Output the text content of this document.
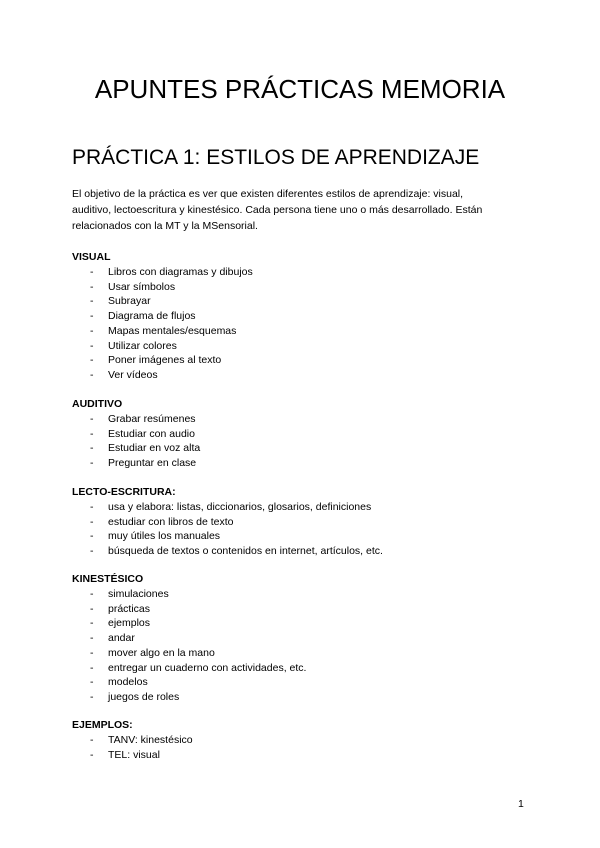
APUNTES PRÁCTICAS MEMORIA
PRÁCTICA 1: ESTILOS DE APRENDIZAJE
El objetivo de la práctica es ver que existen diferentes estilos de aprendizaje: visual,
auditivo, lectoescritura y kinestésico. Cada persona tiene uno o más desarrollado. Están
relacionados con la MT y la MSensorial.
VISUAL
- Libros con diagramas y dibujos
- Usar símbolos
- Subrayar
- Diagrama de flujos
- Mapas mentales/esquemas
- Utilizar colores
- Poner imágenes al texto
- Ver vídeos
AUDITIVO
- Grabar resúmenes
- Estudiar con audio
- Estudiar en voz alta
- Preguntar en clase
LECTO-ESCRITURA:
- usa y elabora: listas, diccionarios, glosarios, definiciones
- estudiar con libros de texto
- muy útiles los manuales
- búsqueda de textos o contenidos en internet, artículos, etc.
KINESTÉSICO
- simulaciones
- prácticas
- ejemplos
- andar
- mover algo en la mano
- entregar un cuaderno con actividades, etc.
- modelos
- juegos de roles
EJEMPLOS:
- TANV: kinestésico
- TEL: visual
1
